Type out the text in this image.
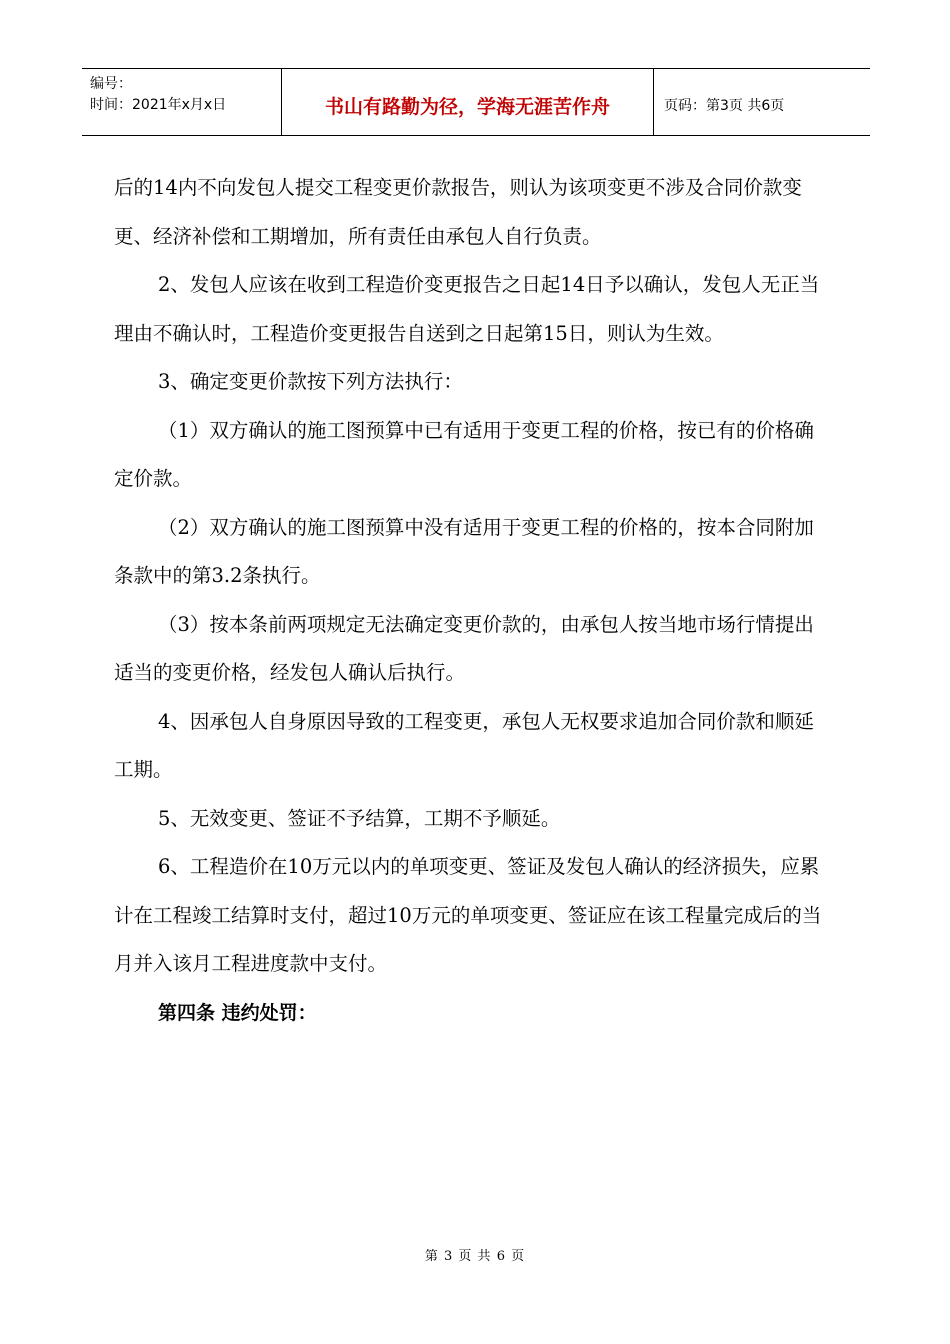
编号：
时间：2021年x月x日	书山有路勤为径，学海无涯苦作舟	页码：第3页 共6页

后的14内不向发包人提交工程变更价款报告，则认为该项变更不涉及合同价款变更、经济补偿和工期增加，所有责任由承包人自行负责。

2、发包人应该在收到工程造价变更报告之日起14日予以确认，发包人无正当理由不确认时，工程造价变更报告自送到之日起第15日，则认为生效。

3、确定变更价款按下列方法执行：

（1）双方确认的施工图预算中已有适用于变更工程的价格，按已有的价格确定价款。

（2）双方确认的施工图预算中没有适用于变更工程的价格的，按本合同附加条款中的第3.2条执行。

（3）按本条前两项规定无法确定变更价款的，由承包人按当地市场行情提出适当的变更价格，经发包人确认后执行。

4、因承包人自身原因导致的工程变更，承包人无权要求追加合同价款和顺延工期。

5、无效变更、签证不予结算，工期不予顺延。

6、工程造价在10万元以内的单项变更、签证及发包人确认的经济损失，应累计在工程竣工结算时支付，超过10万元的单项变更、签证应在该工程量完成后的当月并入该月工程进度款中支付。

第四条 违约处罚：

第 3 页 共 6 页
